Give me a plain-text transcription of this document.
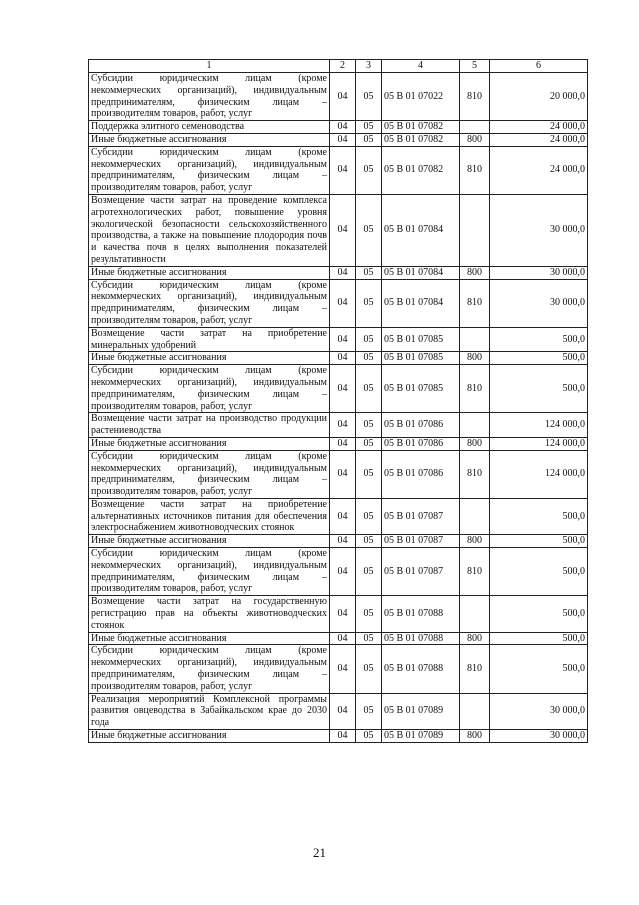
1	2	3	4	5	6
Субсидии юридическим лицам (кроме некоммерческих организаций), индивидуальным предпринимателям, физическим лицам – производителям товаров, работ, услуг	04	05	05 В 01 07022	810	20 000,0
Поддержка элитного семеноводства	04	05	05 В 01 07082		24 000,0
Иные бюджетные ассигнования	04	05	05 В 01 07082	800	24 000,0
Субсидии юридическим лицам (кроме некоммерческих организаций), индивидуальным предпринимателям, физическим лицам – производителям товаров, работ, услуг	04	05	05 В 01 07082	810	24 000,0
Возмещение части затрат на проведение комплекса агротехнологических работ, повышение уровня экологической безопасности сельскохозяйственного производства, а также на повышение плодородия почв и качества почв в целях выполнения показателей результативности	04	05	05 В 01 07084		30 000,0
Иные бюджетные ассигнования	04	05	05 В 01 07084	800	30 000,0
Субсидии юридическим лицам (кроме некоммерческих организаций), индивидуальным предпринимателям, физическим лицам – производителям товаров, работ, услуг	04	05	05 В 01 07084	810	30 000,0
Возмещение части затрат на приобретение минеральных удобрений	04	05	05 В 01 07085		500,0
Иные бюджетные ассигнования	04	05	05 В 01 07085	800	500,0
Субсидии юридическим лицам (кроме некоммерческих организаций), индивидуальным предпринимателям, физическим лицам – производителям товаров, работ, услуг	04	05	05 В 01 07085	810	500,0
Возмещение части затрат на производство продукции растениеводства	04	05	05 В 01 07086		124 000,0
Иные бюджетные ассигнования	04	05	05 В 01 07086	800	124 000,0
Субсидии юридическим лицам (кроме некоммерческих организаций), индивидуальным предпринимателям, физическим лицам – производителям товаров, работ, услуг	04	05	05 В 01 07086	810	124 000,0
Возмещение части затрат на приобретение альтернативных источников питания для обеспечения электроснабжением животноводческих стоянок	04	05	05 В 01 07087		500,0
Иные бюджетные ассигнования	04	05	05 В 01 07087	800	500,0
Субсидии юридическим лицам (кроме некоммерческих организаций), индивидуальным предпринимателям, физическим лицам – производителям товаров, работ, услуг	04	05	05 В 01 07087	810	500,0
Возмещение части затрат на государственную регистрацию прав на объекты животноводческих стоянок	04	05	05 В 01 07088		500,0
Иные бюджетные ассигнования	04	05	05 В 01 07088	800	500,0
Субсидии юридическим лицам (кроме некоммерческих организаций), индивидуальным предпринимателям, физическим лицам – производителям товаров, работ, услуг	04	05	05 В 01 07088	810	500,0
Реализация мероприятий Комплексной программы развития овцеводства в Забайкальском крае до 2030 года	04	05	05 В 01 07089		30 000,0
Иные бюджетные ассигнования	04	05	05 В 01 07089	800	30 000,0
21
